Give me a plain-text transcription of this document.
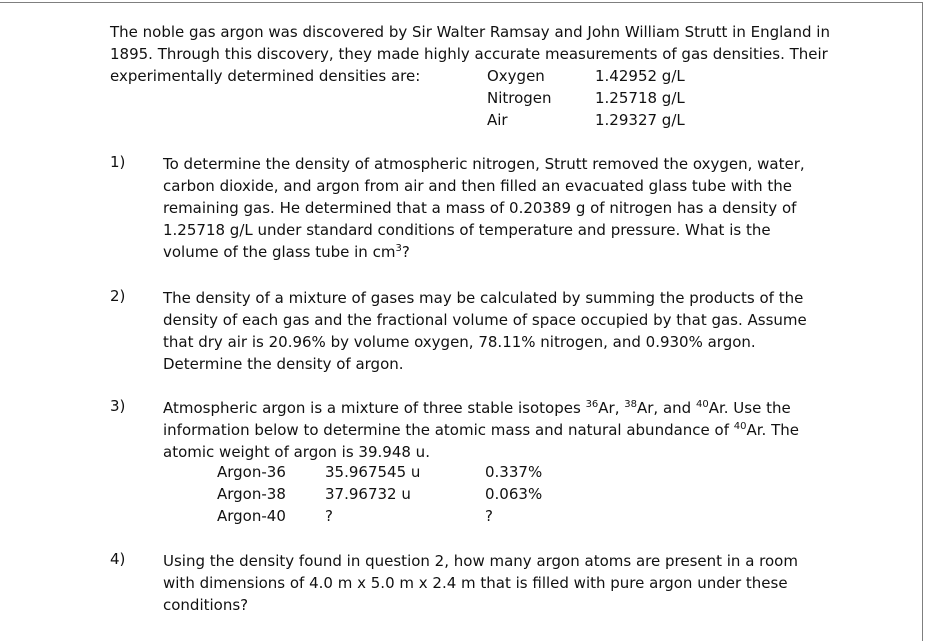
The noble gas argon was discovered by Sir Walter Ramsay and John William Strutt in England in
1895. Through this discovery, they made highly accurate measurements of gas densities. Their
experimentally determined densities are:	Oxygen	1.42952 g/L
Nitrogen	1.25718 g/L
Air	1.29327 g/L
1)	To determine the density of atmospheric nitrogen, Strutt removed the oxygen, water,

carbon dioxide, and argon from air and then filled an evacuated glass tube with the

remaining gas. He determined that a mass of 0.20389 g of nitrogen has a density of

1.25718 g/L under standard conditions of temperature and pressure. What is the

volume of the glass tube in $cm^3$?

2)	The density of a mixture of gases may be calculated by summing the products of the

density of each gas and the fractional volume of space occupied by that gas. Assume

that dry air is 20.96% by volume oxygen, 78.11% nitrogen, and 0.930% argon.

Determine the density of argon.

3)	Atmospheric argon is a mixture of three stable isotopes $^{36}$Ar, $^{38}$Ar, and $^{40}$Ar. Use the

information below to determine the atomic mass and natural abundance of $^{40}$Ar. The

atomic weight of argon is 39.948 u.

Argon-36	35.967545 u	0.337%
Argon-38	37.96732 u	0.063%
Argon-40	?	?
4)	Using the density found in question 2, how many argon atoms are present in a room

with dimensions of 4.0 m x 5.0 m x 2.4 m that is filled with pure argon under these

conditions?
